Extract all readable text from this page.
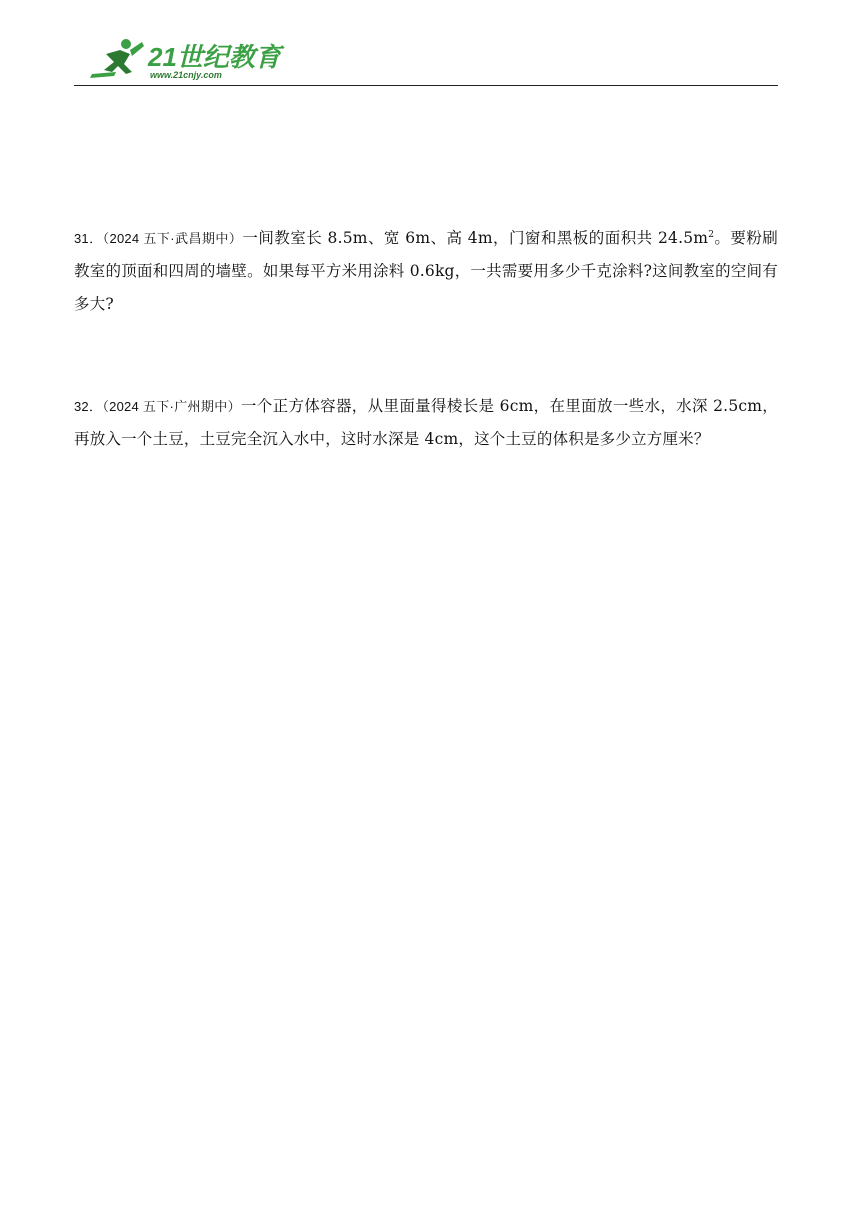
21世纪教育
www.21cnjy.com
31．（2024 五下·武昌期中）一间教室长 8.5m、宽 6m、高 4m，门窗和黑板的面积共 $24.5m^2$。要粉刷教室的顶面和四周的墙壁。如果每平方米用涂料 0.6kg，一共需要用多少千克涂料?这间教室的空间有多大?
32．（2024 五下·广州期中）一个正方体容器，从里面量得棱长是 6cm，在里面放一些水，水深 2.5cm，再放入一个土豆，土豆完全沉入水中，这时水深是 4cm，这个土豆的体积是多少立方厘米？
